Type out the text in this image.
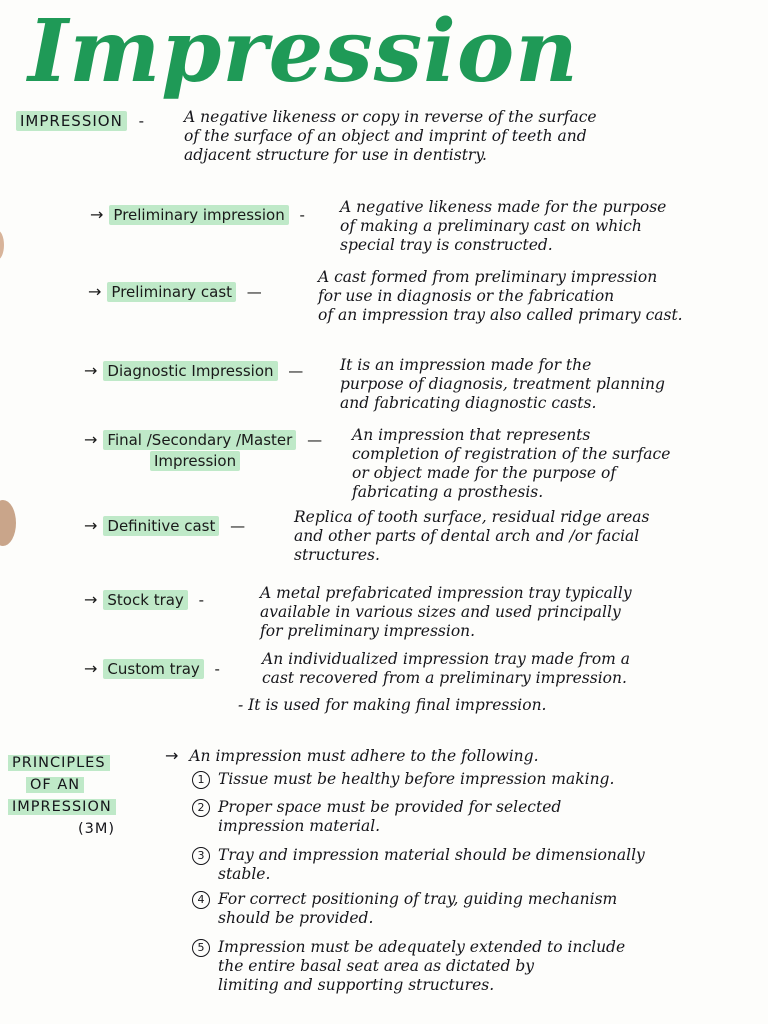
Impression
IMPRESSION -	A negative likeness or copy in reverse of the surface
of the surface of an object and imprint of teeth and
adjacent structure for use in dentistry.
→ Preliminary impression - A negative likeness made for the purpose
of making a preliminary cast on which
special tray is constructed.
→ Preliminary cast —
A cast formed from preliminary impression
for use in diagnosis or the fabrication
of an impression tray also called primary cast.
→ Diagnostic Impression — It is an impression made for the
purpose of diagnosis, treatment planning
and fabricating diagnostic casts.
→ Final /Secondary /Master —
Impression
An impression that represents
completion of registration of the surface
or object made for the purpose of
fabricating a prosthesis.
→ Definitive cast —	Replica of tooth surface, residual ridge areas
and other parts of dental arch and /or facial
structures.
→ Stock tray -	A metal prefabricated impression tray typically
available in various sizes and used principally
for preliminary impression.
→ Custom tray -
An individualized impression tray made from a
cast recovered from a preliminary impression.
- It is used for making final impression.
PRINCIPLES
OF AN
IMPRESSION
(3M)
→ An impression must adhere to the following.
1 Tissue must be healthy before impression making.
2 Proper space must be provided for selected
impression material.
3 Tray and impression material should be dimensionally
stable.
4 For correct positioning of tray, guiding mechanism
should be provided.
5 Impression must be adequately extended to include
the entire basal seat area as dictated by
limiting and supporting structures.
